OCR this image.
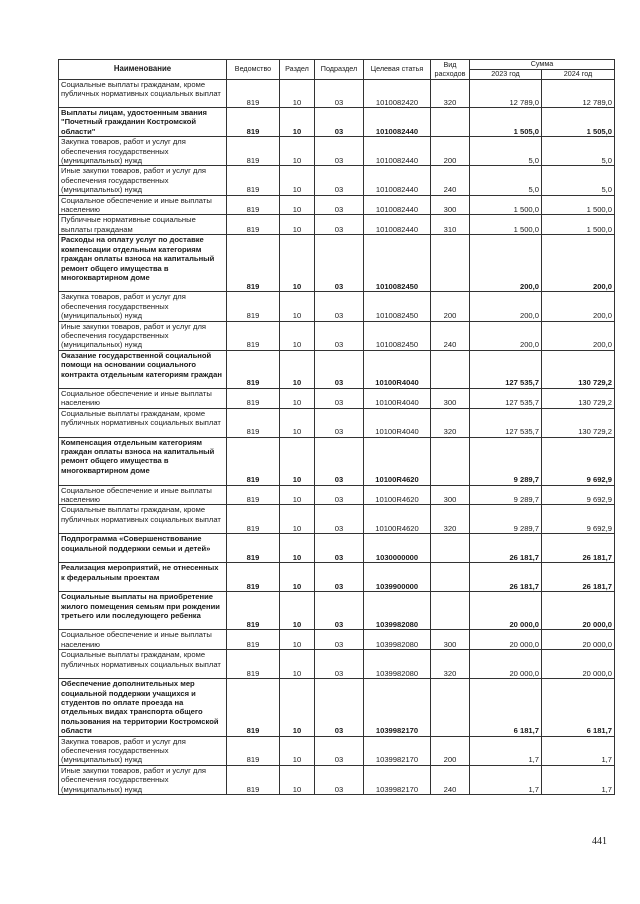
Наименование	Ведомство	Раздел	Подраздел	Целевая статья	Вид расходов	Сумма	
						2023 год	2024 год
Социальные выплаты гражданам, кроме публичных нормативных социальных выплат	819	10	03	1010082420	320	12 789,0	12 789,0
Выплаты лицам, удостоенным звания "Почетный гражданин Костромской области"	819	10	03	1010082440		1 505,0	1 505,0
Закупка товаров, работ и услуг для обеспечения государственных (муниципальных) нужд	819	10	03	1010082440	200	5,0	5,0
Иные закупки товаров, работ и услуг для обеспечения государственных (муниципальных) нужд	819	10	03	1010082440	240	5,0	5,0
Социальное обеспечение и иные выплаты населению	819	10	03	1010082440	300	1 500,0	1 500,0
Публичные нормативные социальные выплаты гражданам	819	10	03	1010082440	310	1 500,0	1 500,0
Расходы на оплату услуг по доставке компенсации отдельным категориям граждан оплаты взноса на капитальный ремонт общего имущества в многоквартирном доме	819	10	03	1010082450		200,0	200,0
Закупка товаров, работ и услуг для обеспечения государственных (муниципальных) нужд	819	10	03	1010082450	200	200,0	200,0
Иные закупки товаров, работ и услуг для обеспечения государственных (муниципальных) нужд	819	10	03	1010082450	240	200,0	200,0
Оказание государственной социальной помощи на основании социального контракта отдельным категориям граждан	819	10	03	10100R4040		127 535,7	130 729,2
Социальное обеспечение и иные выплаты населению	819	10	03	10100R4040	300	127 535,7	130 729,2
Социальные выплаты гражданам, кроме публичных нормативных социальных выплат	819	10	03	10100R4040	320	127 535,7	130 729,2
Компенсация отдельным категориям граждан оплаты взноса на капитальный ремонт общего имущества в многоквартирном доме	819	10	03	10100R4620		9 289,7	9 692,9
Социальное обеспечение и иные выплаты населению	819	10	03	10100R4620	300	9 289,7	9 692,9
Социальные выплаты гражданам, кроме публичных нормативных социальных выплат	819	10	03	10100R4620	320	9 289,7	9 692,9
Подпрограмма «Совершенствование социальной поддержки семьи и детей»	819	10	03	1030000000		26 181,7	26 181,7
Реализация мероприятий, не отнесенных к федеральным проектам	819	10	03	1039900000		26 181,7	26 181,7
Социальные выплаты на приобретение жилого помещения семьям при рождении третьего или последующего ребенка	819	10	03	1039982080		20 000,0	20 000,0
Социальное обеспечение и иные выплаты населению	819	10	03	1039982080	300	20 000,0	20 000,0
Социальные выплаты гражданам, кроме публичных нормативных социальных выплат	819	10	03	1039982080	320	20 000,0	20 000,0
Обеспечение дополнительных мер социальной поддержки учащихся и студентов по оплате проезда на отдельных видах транспорта общего пользования на территории Костромской области	819	10	03	1039982170		6 181,7	6 181,7
Закупка товаров, работ и услуг для обеспечения государственных (муниципальных) нужд	819	10	03	1039982170	200	1,7	1,7
Иные закупки товаров, работ и услуг для обеспечения государственных (муниципальных) нужд	819	10	03	1039982170	240	1,7	1,7
441
